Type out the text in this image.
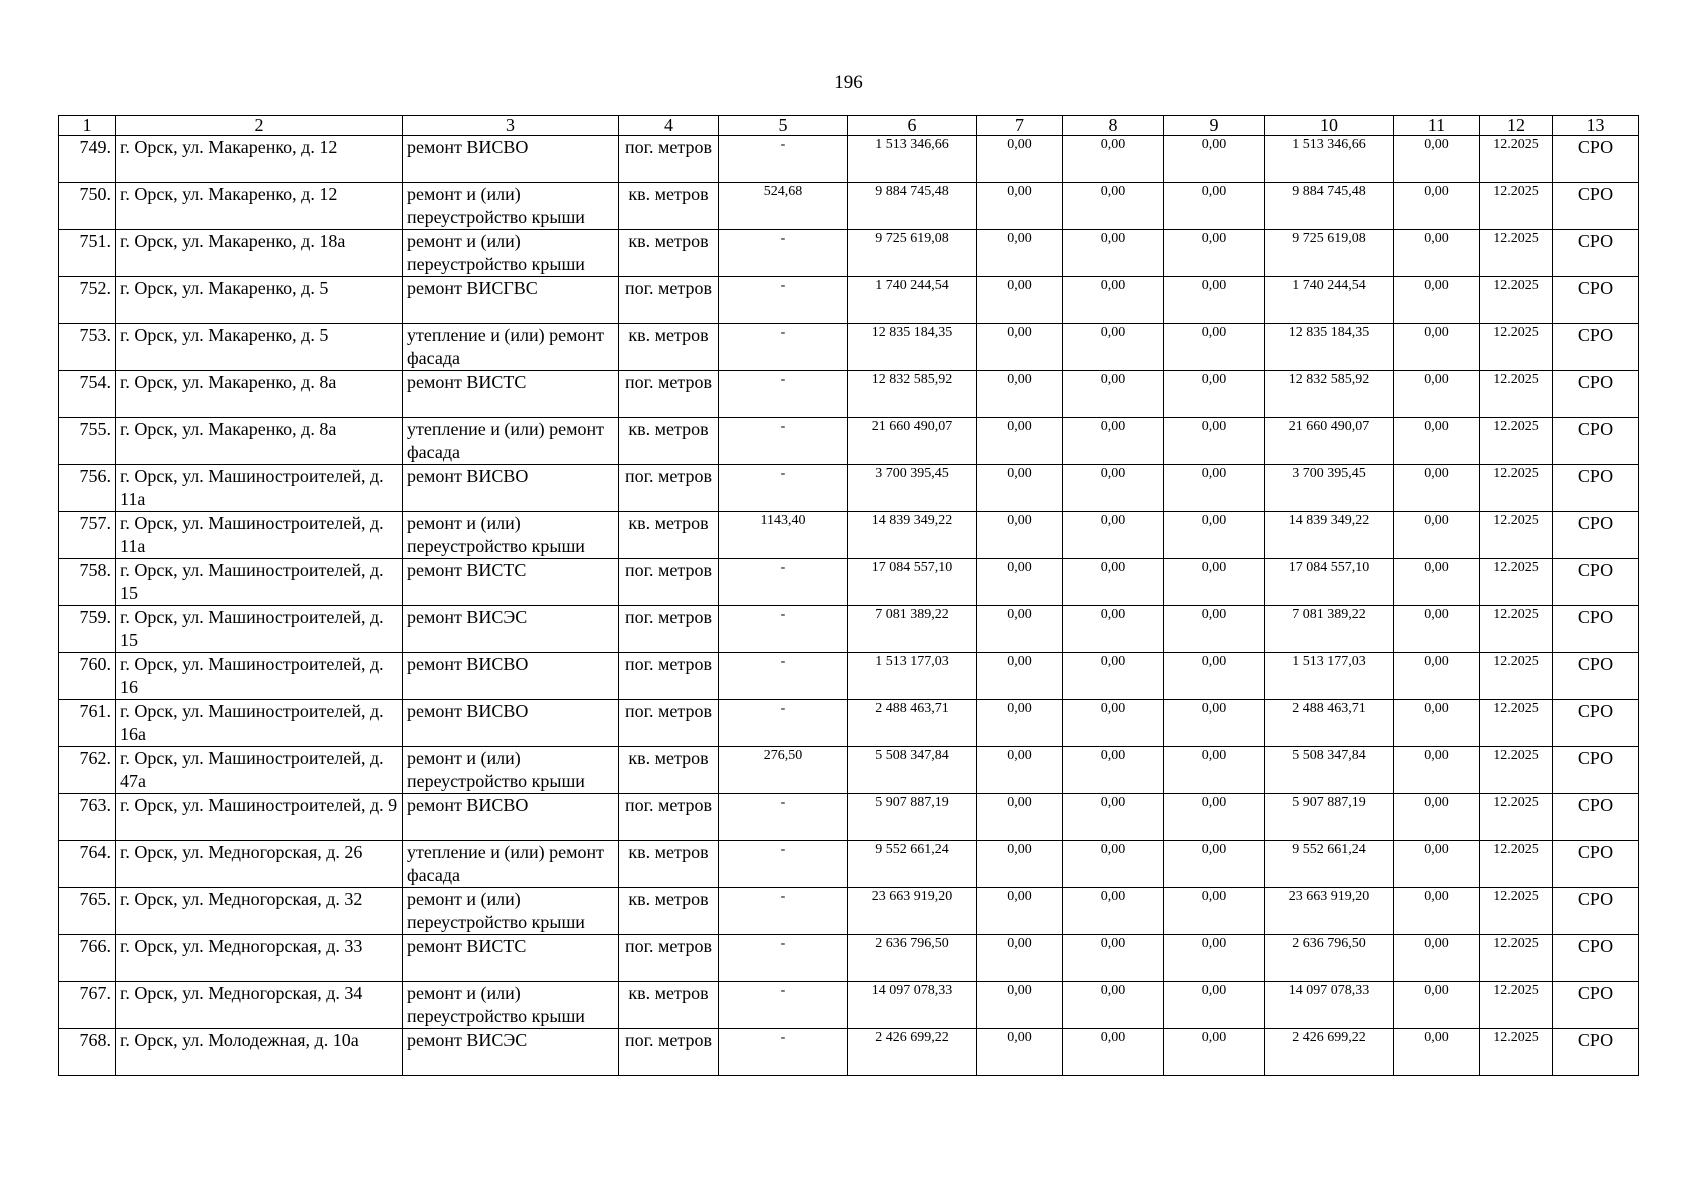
196
1	2	3	4	5	6	7	8	9	10	11	12	13
749.	г. Орск, ул. Макаренко, д. 12	ремонт ВИСВО	пог. метров	-	1 513 346,66	0,00	0,00	0,00	1 513 346,66	0,00	12.2025	СРО
750.	г. Орск, ул. Макаренко, д. 12	ремонт и (или) переустройство крыши	кв. метров	524,68	9 884 745,48	0,00	0,00	0,00	9 884 745,48	0,00	12.2025	СРО
751.	г. Орск, ул. Макаренко, д. 18а	ремонт и (или) переустройство крыши	кв. метров	-	9 725 619,08	0,00	0,00	0,00	9 725 619,08	0,00	12.2025	СРО
752.	г. Орск, ул. Макаренко, д. 5	ремонт ВИСГВС	пог. метров	-	1 740 244,54	0,00	0,00	0,00	1 740 244,54	0,00	12.2025	СРО
753.	г. Орск, ул. Макаренко, д. 5	утепление и (или) ремонт фасада	кв. метров	-	12 835 184,35	0,00	0,00	0,00	12 835 184,35	0,00	12.2025	СРО
754.	г. Орск, ул. Макаренко, д. 8а	ремонт ВИСТС	пог. метров	-	12 832 585,92	0,00	0,00	0,00	12 832 585,92	0,00	12.2025	СРО
755.	г. Орск, ул. Макаренко, д. 8а	утепление и (или) ремонт фасада	кв. метров	-	21 660 490,07	0,00	0,00	0,00	21 660 490,07	0,00	12.2025	СРО
756.	г. Орск, ул. Машиностроителей, д. 11а	ремонт ВИСВО	пог. метров	-	3 700 395,45	0,00	0,00	0,00	3 700 395,45	0,00	12.2025	СРО
757.	г. Орск, ул. Машиностроителей, д. 11а	ремонт и (или) переустройство крыши	кв. метров	1143,40	14 839 349,22	0,00	0,00	0,00	14 839 349,22	0,00	12.2025	СРО
758.	г. Орск, ул. Машиностроителей, д. 15	ремонт ВИСТС	пог. метров	-	17 084 557,10	0,00	0,00	0,00	17 084 557,10	0,00	12.2025	СРО
759.	г. Орск, ул. Машиностроителей, д. 15	ремонт ВИСЭС	пог. метров	-	7 081 389,22	0,00	0,00	0,00	7 081 389,22	0,00	12.2025	СРО
760.	г. Орск, ул. Машиностроителей, д. 16	ремонт ВИСВО	пог. метров	-	1 513 177,03	0,00	0,00	0,00	1 513 177,03	0,00	12.2025	СРО
761.	г. Орск, ул. Машиностроителей, д. 16а	ремонт ВИСВО	пог. метров	-	2 488 463,71	0,00	0,00	0,00	2 488 463,71	0,00	12.2025	СРО
762.	г. Орск, ул. Машиностроителей, д. 47а	ремонт и (или) переустройство крыши	кв. метров	276,50	5 508 347,84	0,00	0,00	0,00	5 508 347,84	0,00	12.2025	СРО
763.	г. Орск, ул. Машиностроителей, д. 9	ремонт ВИСВО	пог. метров	-	5 907 887,19	0,00	0,00	0,00	5 907 887,19	0,00	12.2025	СРО
764.	г. Орск, ул. Медногорская, д. 26	утепление и (или) ремонт фасада	кв. метров	-	9 552 661,24	0,00	0,00	0,00	9 552 661,24	0,00	12.2025	СРО
765.	г. Орск, ул. Медногорская, д. 32	ремонт и (или) переустройство крыши	кв. метров	-	23 663 919,20	0,00	0,00	0,00	23 663 919,20	0,00	12.2025	СРО
766.	г. Орск, ул. Медногорская, д. 33	ремонт ВИСТС	пог. метров	-	2 636 796,50	0,00	0,00	0,00	2 636 796,50	0,00	12.2025	СРО
767.	г. Орск, ул. Медногорская, д. 34	ремонт и (или) переустройство крыши	кв. метров	-	14 097 078,33	0,00	0,00	0,00	14 097 078,33	0,00	12.2025	СРО
768.	г. Орск, ул. Молодежная, д. 10а	ремонт ВИСЭС	пог. метров	-	2 426 699,22	0,00	0,00	0,00	2 426 699,22	0,00	12.2025	СРО
